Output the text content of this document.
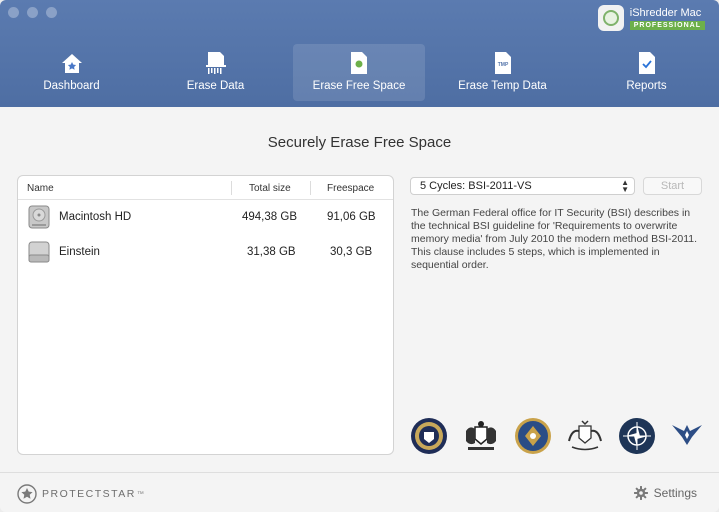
iShredder Mac
PROFESSIONAL
Dashboard	Erase Data	Erase Free Space
TMP
Erase Temp Data	Reports
Securely Erase Free Space
Name	Total size	Freespace
Macintosh HD	494,38 GB	91,06 GB
Einstein	31,38 GB	30,3 GB
5 Cycles: BSI-2011-VS	▲
▼	Start
The German Federal office for IT Security (BSI) describes in the technical BSI guideline for 'Requirements to overwrite memory media' from July 2010 the modern method BSI-2011. This clause includes 5 steps, which is implemented in sequential order.
PROTECTSTAR ™	Settings
